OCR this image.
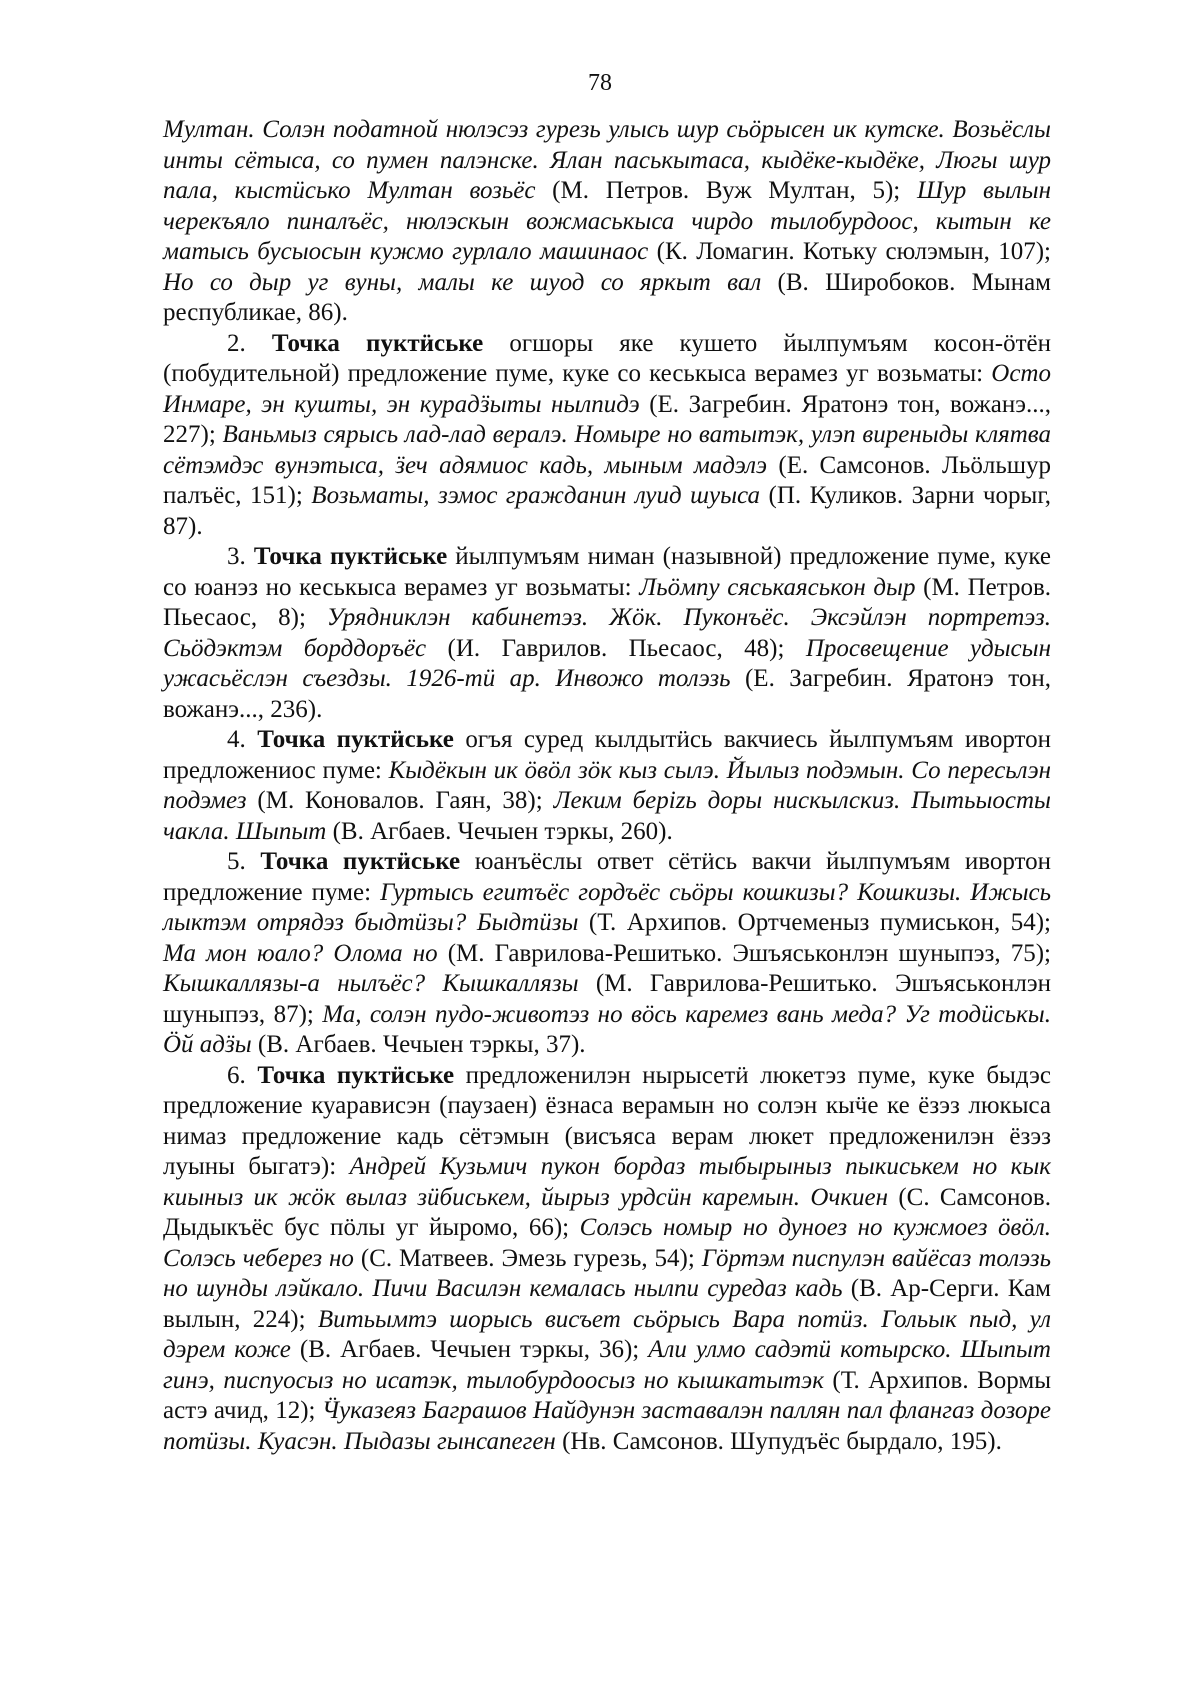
78

Мултан. Солэн податной нюлэсэз гурезь улысь шур сьӧрысен ик кутске. Возьёслы инты сётыса, со пумен палэнске. Ялан паськытаса, кыдёке-кыдёке, Люгы шур пала, кыстӥсько Мултан возьёс (М. Петров. Вуж Мултан, 5); Шур вылын черекъяло пиналъёс, нюлэскын вожмаськыса чирдо тылобурдоос, кытын ке матысь бусыосын кужмо гурлало машинаос (К. Ломагин. Котьку сюлэмын, 107); Но со дыр уг вуны, малы ке шуод со яркыт вал (В. Широбоков. Мынам республикае, 86).

2. Точка пуктӥське огшоры яке кушето йылпумъям косон-ӧтён (побудительной) предложение пуме, куке со кеськыса верамез уг возьматы: Осто Инмаре, эн кушты, эн курадӟыты нылпидэ (Е. Загребин. Яратонэ тон, вожанэ..., 227); Ваньмыз сярысь лад-лад вералэ. Номыре но ватытэк, улэп виреныды клятва сётэмдэс вунэтыса, ӟеч адямиос кадь, мыным мадэлэ (Е. Самсонов. Льӧльшур палъёс, 151); Возьматы, зэмос гражданин луид шуыса (П. Куликов. Зарни чорыг, 87).

3. Точка пуктӥське йылпумъям ниман (назывной) предложение пуме, куке со юанэз но кеськыса верамез уг возьматы: Льӧмпу сяськаяськон дыр (М. Петров. Пьесаос, 8); Урядниклэн кабинетэз. Жӧк. Пуконъёс. Эксэйлэн портретэз. Сьӧдэктэм борддоръёс (И. Гаврилов. Пьесаос, 48); Просвещение удысын ужасьёслэн съездзы. 1926-тӥ ар. Инвожо толэзь (Е. Загребин. Яратонэ тон, вожанэ..., 236).

4. Точка пуктӥське огъя суред кылдытӥсь вакчиесь йылпумъям ивортон предложениос пуме: Кыдёкын ик ӧвӧл зӧк кыз сылэ. Йылыз подэмын. Со пересьлэн подэмез (М. Коновалов. Гаян, 38); Леким берizь доры нискылскиз. Пытьыосты чакла. Шыпыт (В. Агбаев. Чечыен тэркы, 260).

5. Точка пуктӥське юанъёслы ответ сётӥсь вакчи йылпумъям ивортон предложение пуме: Гуртысь егитъёс гордъёс сьӧры кошкизы? Кошкизы. Ижысь лыктэм отрядэз быдтӥзы? Быдтӥзы (Т. Архипов. Ортчеменыз пумиськон, 54); Ма мон юало? Олома но (М. Гаврилова-Решитько. Эшъяськонлэн шуныпэз, 75); Кышкаллязы-а нылъёс? Кышкаллязы (М. Гаврилова-Решитько. Эшъяськонлэн шуныпэз, 87); Ма, солэн пудо-животэз но вӧсь каремез вань меда? Уг тодӥськы. Ӧй адӟы (В. Агбаев. Чечыен тэркы, 37).

6. Точка пуктӥське предложенилэн нырысетӥ люкетэз пуме, куке быдэс предложение куарависэн (паузаен) ёзнаса верамын но солэн кыӵе ке ёзэз люкыса нимаз предложение кадь сётэмын (висъяса верам люкет предложенилэн ёзэз луыны быгатэ): Андрей Кузьмич пукон бордаз тыбырыныз пыкиськем но кык киыныз ик жӧк вылаз зӥбиськем, йырыз урдсӥн каремын. Очкиен (С. Самсонов. Дыдыкъёс бус пӧлы уг йыромо, 66); Солэсь номыр но дуноез но кужмоез ӧвӧл. Солэсь чеберез но (С. Матвеев. Эмезь гурезь, 54); Гӧртэм писпулэн вайёсаз толэзь но шунды лэйкало. Пичи Василэн кемалась нылпи суредаз кадь (В. Ар-Серги. Кам вылын, 224); Витьымтэ шорысь висъет сьӧрысь Вара потӥз. Гольык пыд, ул дэрем коже (В. Агбаев. Чечыен тэркы, 36); Али улмо садэтӥ котырско. Шыпыт гинэ, писпуосыз но исатэк, тылобурдоосыз но кышкатытэк (Т. Архипов. Вормы астэ ачид, 12); Ӵуказеяз Баграшов Найдунэн заставалэн паллян пал флангаз дозоре потӥзы. Куасэн. Пыдазы гынсапеген (Нв. Самсонов. Шупудъёс быpдало, 195).
